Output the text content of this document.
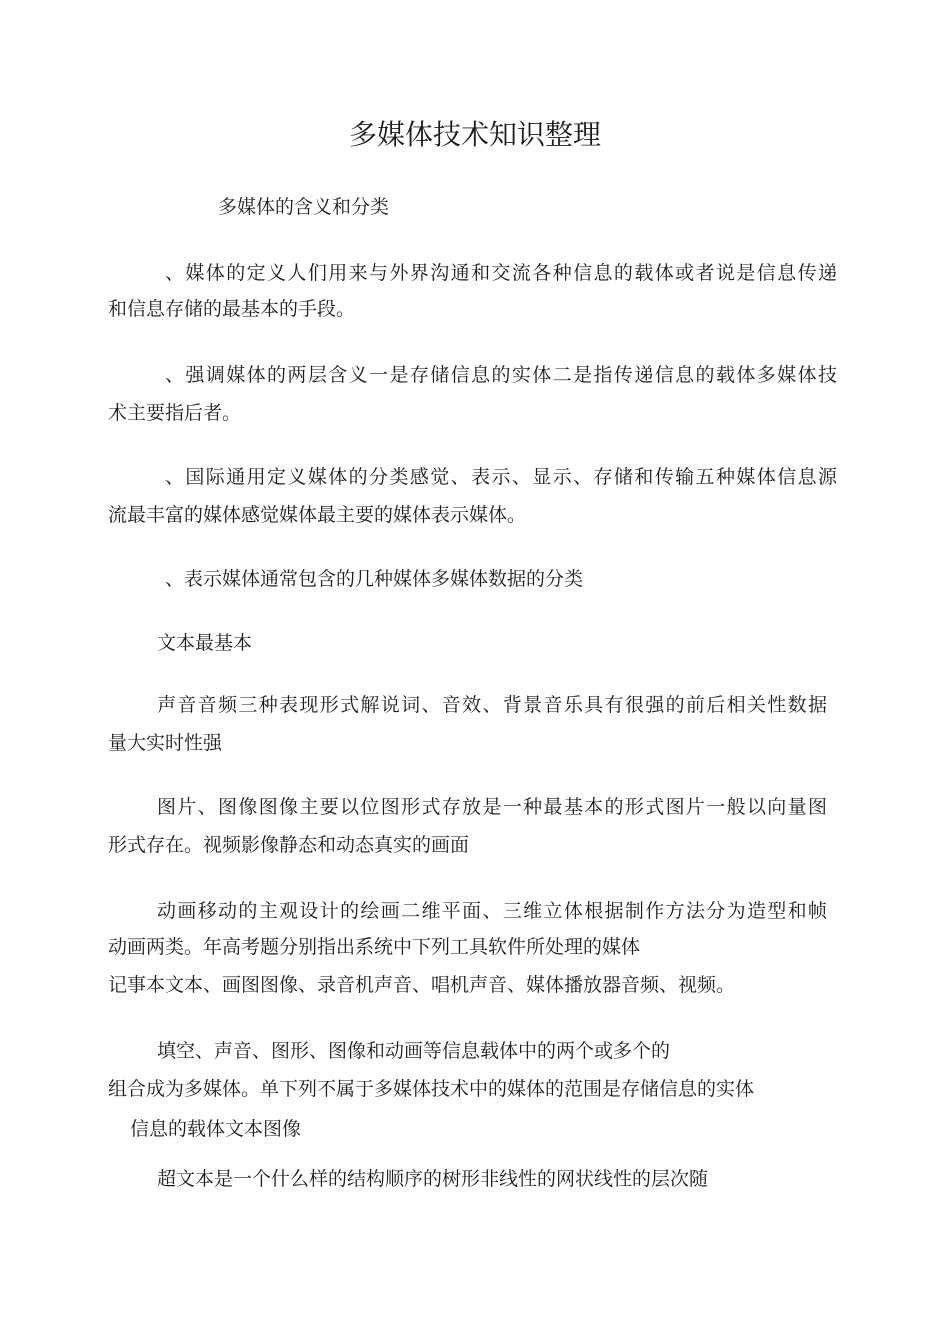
多媒体技术知识整理
多媒体的含义和分类
、媒体的定义人们用来与外界沟通和交流各种信息的载体或者说是信息传递
和信息存储的最基本的手段。
、强调媒体的两层含义一是存储信息的实体二是指传递信息的载体多媒体技
术主要指后者。
、国际通用定义媒体的分类感觉、表示、显示、存储和传输五种媒体信息源
流最丰富的媒体感觉媒体最主要的媒体表示媒体。
、表示媒体通常包含的几种媒体多媒体数据的分类
文本最基本
声音音频三种表现形式解说词、音效、背景音乐具有很强的前后相关性数据
量大实时性强
图片、图像图像主要以位图形式存放是一种最基本的形式图片一般以向量图
形式存在。视频影像静态和动态真实的画面
动画移动的主观设计的绘画二维平面、三维立体根据制作方法分为造型和帧
动画两类。年高考题分别指出系统中下列工具软件所处理的媒体
记事本文本、画图图像、录音机声音、唱机声音、媒体播放器音频、视频。
填空、声音、图形、图像和动画等信息载体中的两个或多个的
组合成为多媒体。单下列不属于多媒体技术中的媒体的范围是存储信息的实体
信息的载体文本图像
超文本是一个什么样的结构顺序的树形非线性的网状线性的层次随
